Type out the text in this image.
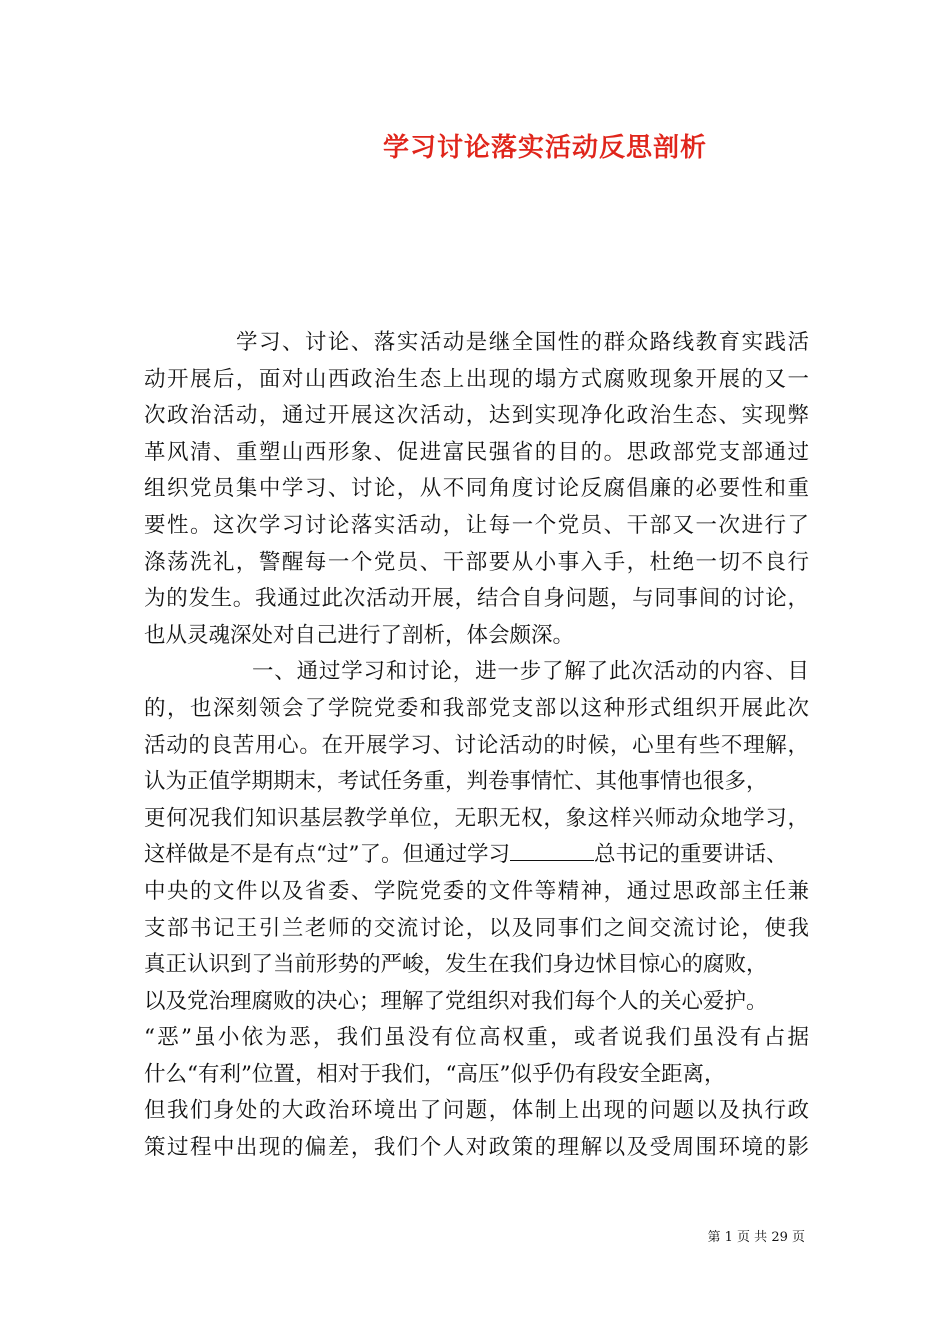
学习讨论落实活动反思剖析
学习、讨论、落实活动是继全国性的群众路线教育实践活
动开展后，面对山西政治生态上出现的塌方式腐败现象开展的又一
次政治活动，通过开展这次活动，达到实现净化政治生态、实现弊
革风清、重塑山西形象、促进富民强省的目的。思政部党支部通过
组织党员集中学习、讨论，从不同角度讨论反腐倡廉的必要性和重
要性。这次学习讨论落实活动，让每一个党员、干部又一次进行了
涤荡洗礼，警醒每一个党员、干部要从小事入手，杜绝一切不良行
为的发生。我通过此次活动开展，结合自身问题，与同事间的讨论，
也从灵魂深处对自己进行了剖析，体会颇深。
一、通过学习和讨论，进一步了解了此次活动的内容、目
的，也深刻领会了学院党委和我部党支部以这种形式组织开展此次
活动的良苦用心。在开展学习、讨论活动的时候，心里有些不理解，
认为正值学期期末，考试任务重，判卷事情忙、其他事情也很多，
更何况我们知识基层教学单位，无职无权，象这样兴师动众地学习，
这样做是不是有点“过”了。但通过学习	总书记的重要讲话、
中央的文件以及省委、学院党委的文件等精神，通过思政部主任兼
支部书记王引兰老师的交流讨论，以及同事们之间交流讨论，使我
真正认识到了当前形势的严峻，发生在我们身边怵目惊心的腐败，
以及党治理腐败的决心；理解了党组织对我们每个人的关心爱护。
“恶”虽小依为恶，我们虽没有位高权重，或者说我们虽没有占据
什么“有利”位置，相对于我们，“高压”似乎仍有段安全距离，
但我们身处的大政治环境出了问题，体制上出现的问题以及执行政
策过程中出现的偏差，我们个人对政策的理解以及受周围环境的影
第 1 页 共 29 页
